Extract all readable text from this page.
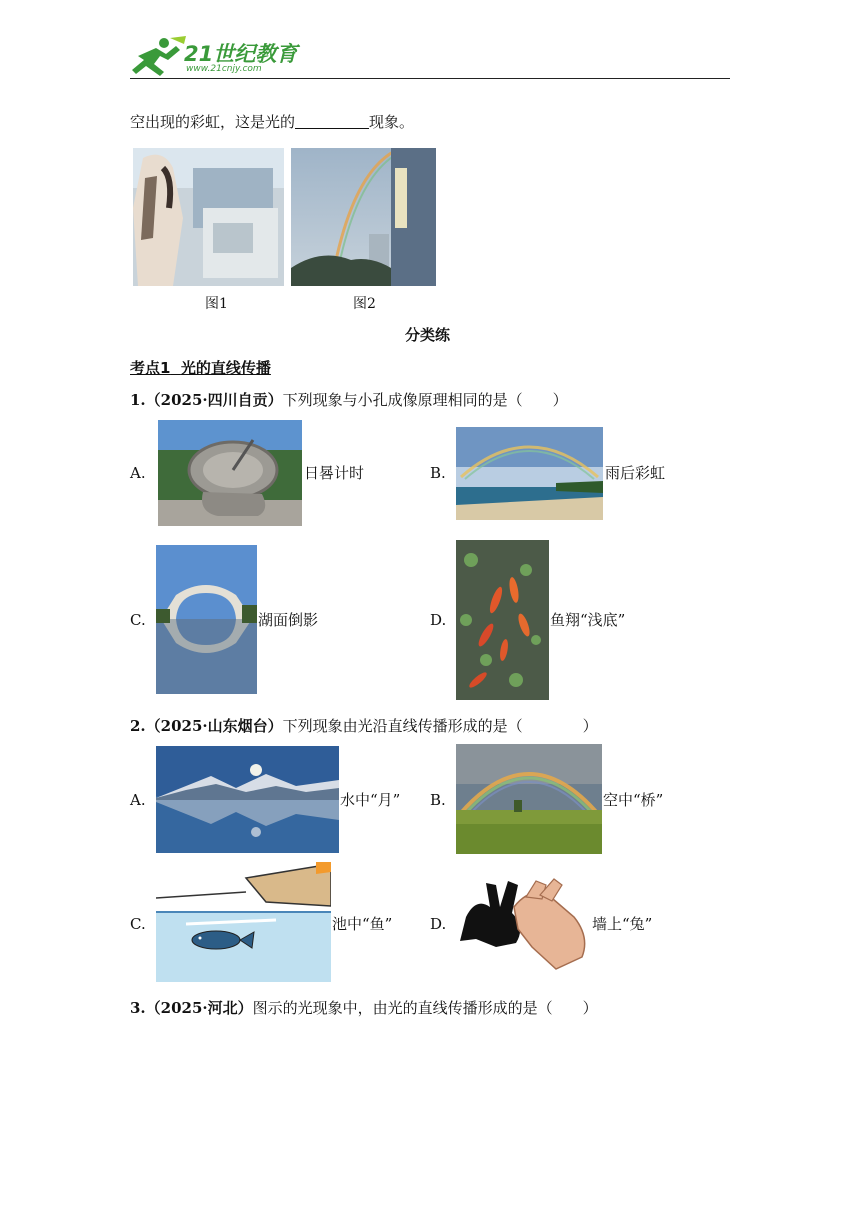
21世纪教育
www.21cnjy.com
空出现的彩虹，这是光的	现象。
图1	图2
分类练
考点1 光的直线传播
1.（2025·四川自贡）下列现象与小孔成像原理相同的是（　　）
A.	日晷计时	B.	雨后彩虹
C.	湖面倒影	D.	鱼翔“浅底”
2.（2025·山东烟台）下列现象由光沿直线传播形成的是（　　　　）
A.	水中“月” B.	空中“桥”
C.	池中“鱼”	D.	墙上“兔”
3.（2025·河北）图示的光现象中，由光的直线传播形成的是（　　）
